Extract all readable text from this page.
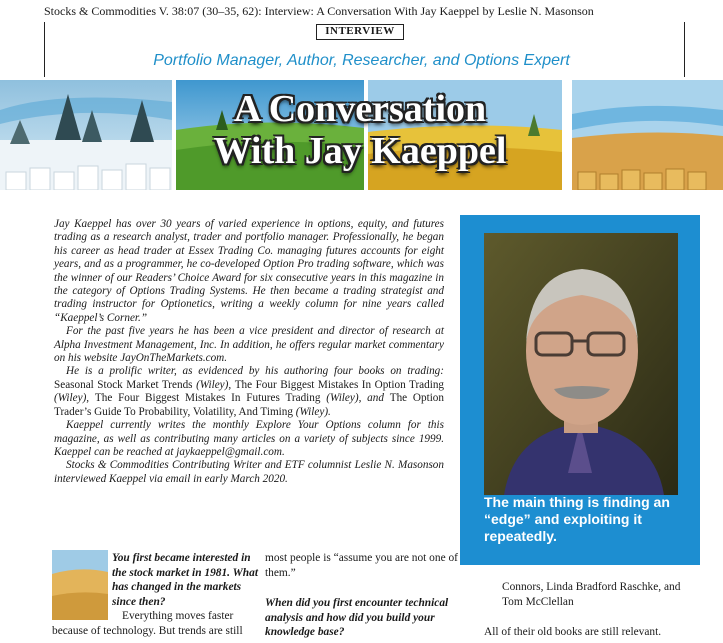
Stocks & Commodities V. 38:07 (30–35, 62): Interview: A Conversation With Jay Kaeppel by Leslie N. Masonson
INTERVIEW
Portfolio Manager, Author, Researcher, and Options Expert
A Conversation
With Jay Kaeppel

Jay Kaeppel has over 30 years of varied experience in options, equity, and futures trading as a research analyst, trader and portfolio manager. Professionally, he began his career as head trader at Essex Trading Co. managing futures accounts for eight years, and as a programmer, he co-developed Option Pro trading software, which was the winner of our Readers’ Choice Award for six consecutive years in this magazine in the category of Options Trading Systems. He then became a trading strategist and trading instructor for Optionetics, writing a weekly column for nine years called “Kaeppel’s Corner.”

For the past five years he has been a vice president and director of research at Alpha Investment Management, Inc. In addition, he offers regular market commentary on his website JayOnTheMarkets.com.

He is a prolific writer, as evidenced by his authoring four books on trading: Seasonal Stock Market Trends (Wiley), The Four Biggest Mistakes In Option Trading (Wiley), The Four Biggest Mistakes In Futures Trading (Wiley), and The Option Trader’s Guide To Probability, Volatility, And Timing (Wiley).

Kaeppel currently writes the monthly Explore Your Options column for this magazine, as well as contributing many articles on a variety of subjects since 1999. Kaeppel can be reached at jaykaeppel@gmail.com.

Stocks & Commodities Contributing Writer and ETF columnist Leslie N. Masonson interviewed Kaeppel via email in early March 2020.

The main thing is finding an “edge” and exploiting it repeatedly.
You first became interested in the stock market in 1981. What has changed in the markets since then?
Everything moves faster
because of technology. But trends are still
most people is “assume you are not one of them.”
When did you first encounter technical analysis and how did you build your knowledge base?
Connors, Linda Bradford Raschke, and Tom McClellan
All of their old books are still relevant.
